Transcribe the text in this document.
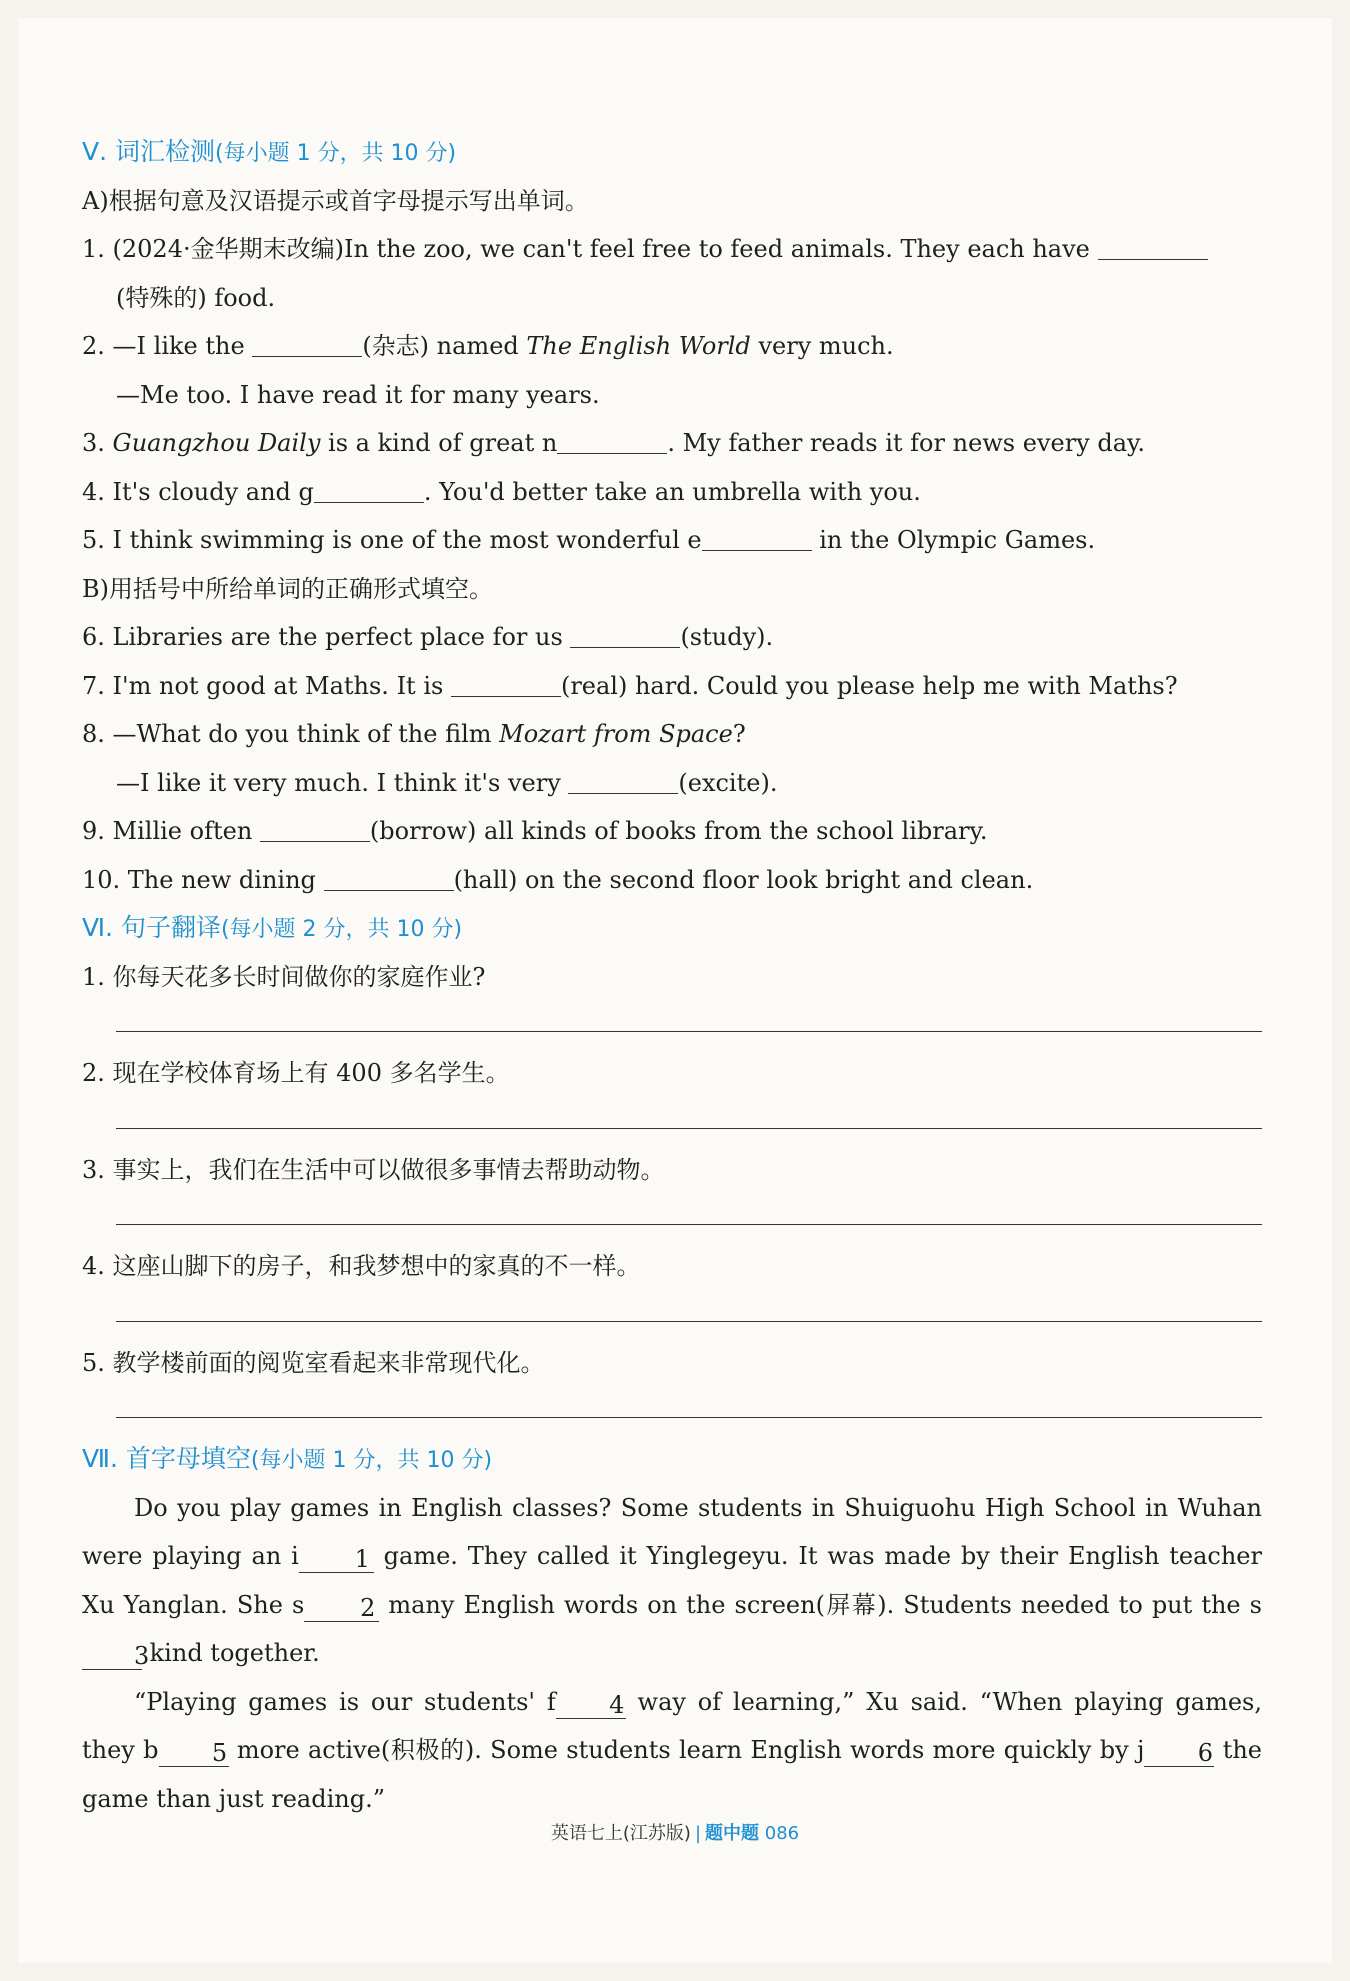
Ⅴ. 词汇检测(每小题 1 分，共 10 分)
A)根据句意及汉语提示或首字母提示写出单词。
1. (2024·金华期末改编)In the zoo, we can't feel free to feed animals. They each have
(特殊的) food.
2. —I like the	(杂志) named The English World very much.
—Me too. I have read it for many years.
3. Guangzhou Daily is a kind of great n	. My father reads it for news every day.
4. It's cloudy and g	. You'd better take an umbrella with you.
5. I think swimming is one of the most wonderful e	in the Olympic Games.
B)用括号中所给单词的正确形式填空。
6. Libraries are the perfect place for us	(study).
7. I'm not good at Maths. It is	(real) hard. Could you please help me with Maths?
8. —What do you think of the film Mozart from Space?
—I like it very much. I think it's very	(excite).
9. Millie often	(borrow) all kinds of books from the school library.
10. The new dining	(hall) on the second floor look bright and clean.
Ⅵ. 句子翻译(每小题 2 分，共 10 分)
1. 你每天花多长时间做你的家庭作业?
2. 现在学校体育场上有 400 多名学生。
3. 事实上，我们在生活中可以做很多事情去帮助动物。
4. 这座山脚下的房子，和我梦想中的家真的不一样。
5. 教学楼前面的阅览室看起来非常现代化。
Ⅶ. 首字母填空(每小题 1 分，共 10 分)

Do you play games in English classes? Some students in Shuiguohu High School in Wuhan were playing an i 1 game. They called it Yinglegeyu. It was made by their English teacher Xu Yanglan. She s 2 many English words on the screen(屏幕). Students needed to put the s3 kind together.

“Playing games is our students' f 4 way of learning,” Xu said. “When playing games, they b 5 more active(积极的). Some students learn English words more quickly by j 6 the game than just reading.”

英语七上(江苏版) | 题中题 086
